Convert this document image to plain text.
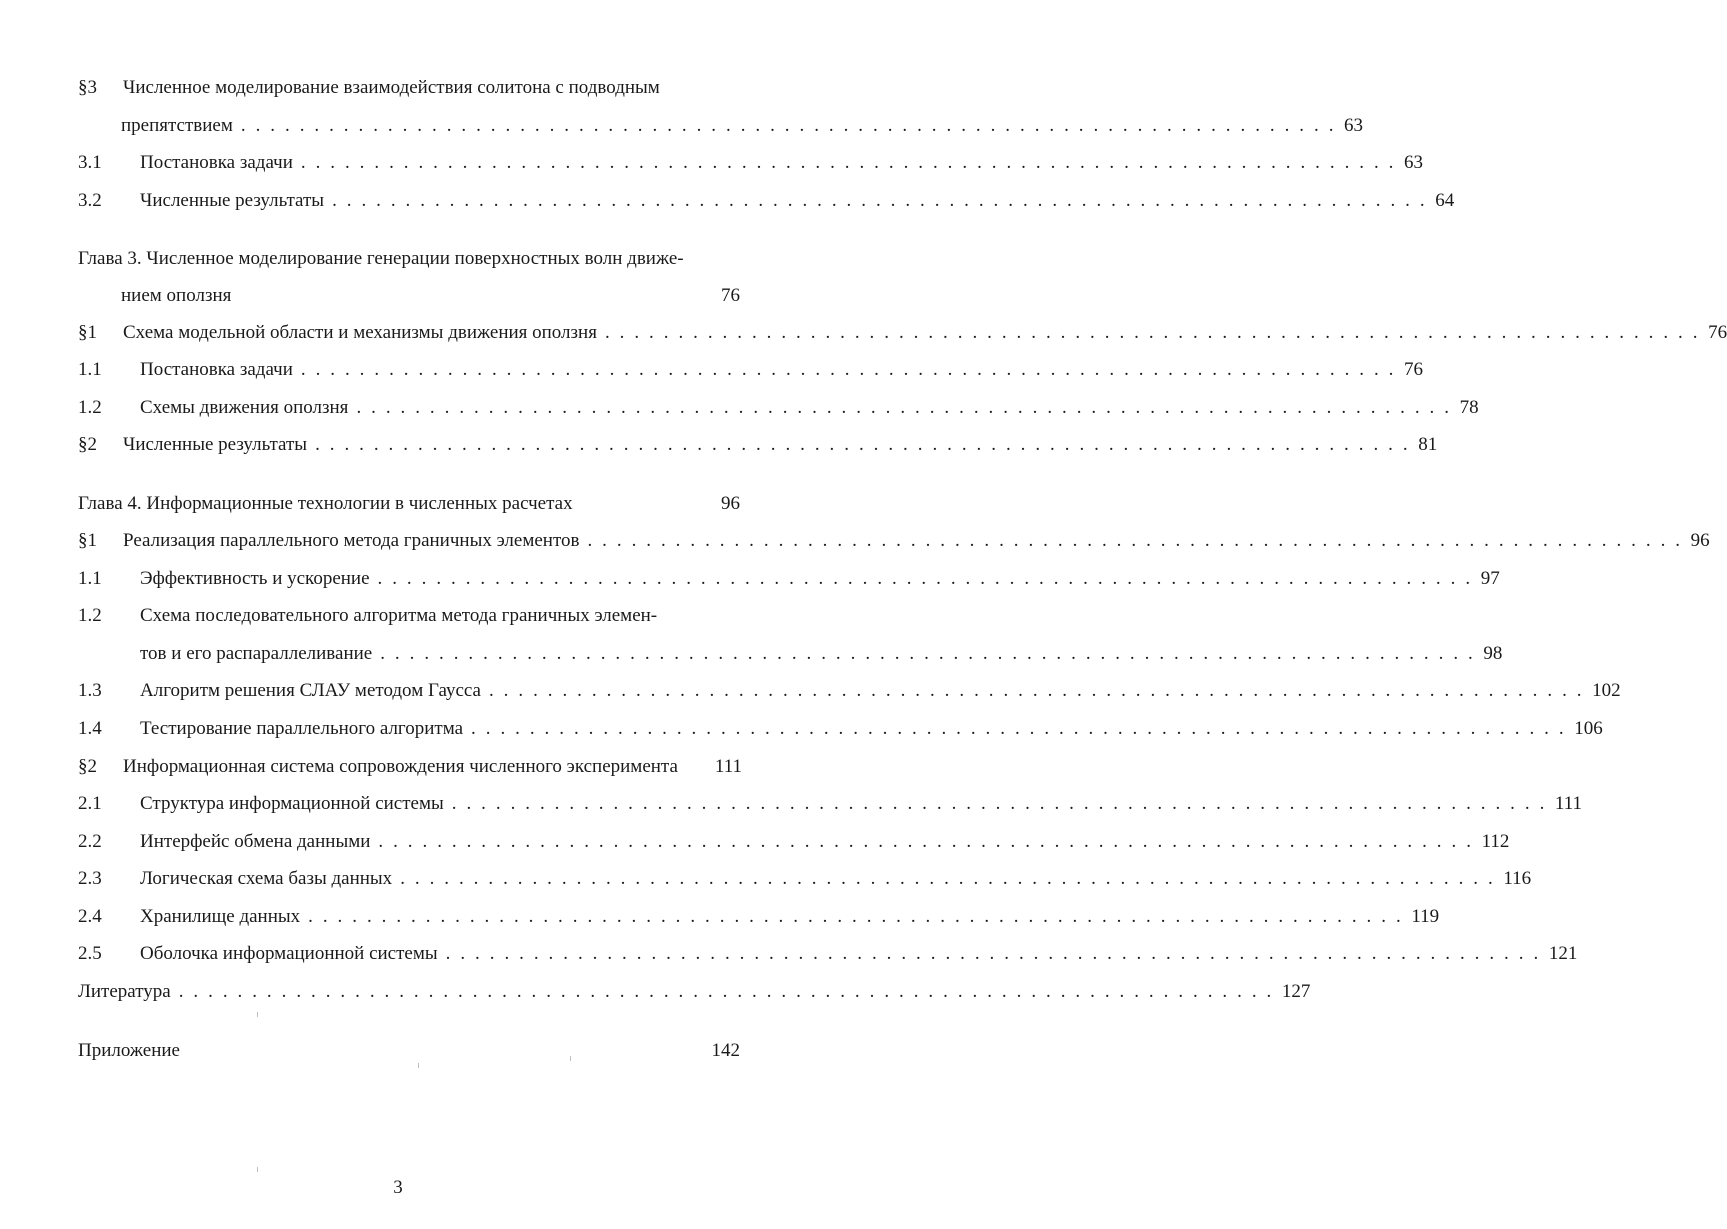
§3	Численное моделирование взаимодействия солитона с подводным
препятствием . . .	63
3.1	Постановка задачи . . .	63
3.2	Численные результаты . . .	64
Глава 3. Численное моделирование генерации поверхностных волн движе-
нием оползня	76
§1	Схема модельной области и механизмы движения оползня . . .	76
1.1	Постановка задачи . . .	76
1.2	Схемы движения оползня . . .	78
§2	Численные результаты . . .	81
Глава 4. Информационные технологии в численных расчетах	96
§1	Реализация параллельного метода граничных элементов . . .	96
1.1	Эффективность и ускорение . . .	97
1.2	Схема последовательного алгоритма метода граничных элемен-
тов и его распараллеливание . . .	98
1.3	Алгоритм решения СЛАУ методом Гаусса . . .	102
1.4	Тестирование параллельного алгоритма . . .	106
§2	Информационная система сопровождения численного эксперимента 111
2.1	Структура информационной системы . . .	111
2.2	Интерфейс обмена данными . . .	112
2.3	Логическая схема базы данных . . .	116
2.4	Хранилище данных . . .	119
2.5	Оболочка информационной системы . . .	121
Литература . . .	127
Приложение	142
3
